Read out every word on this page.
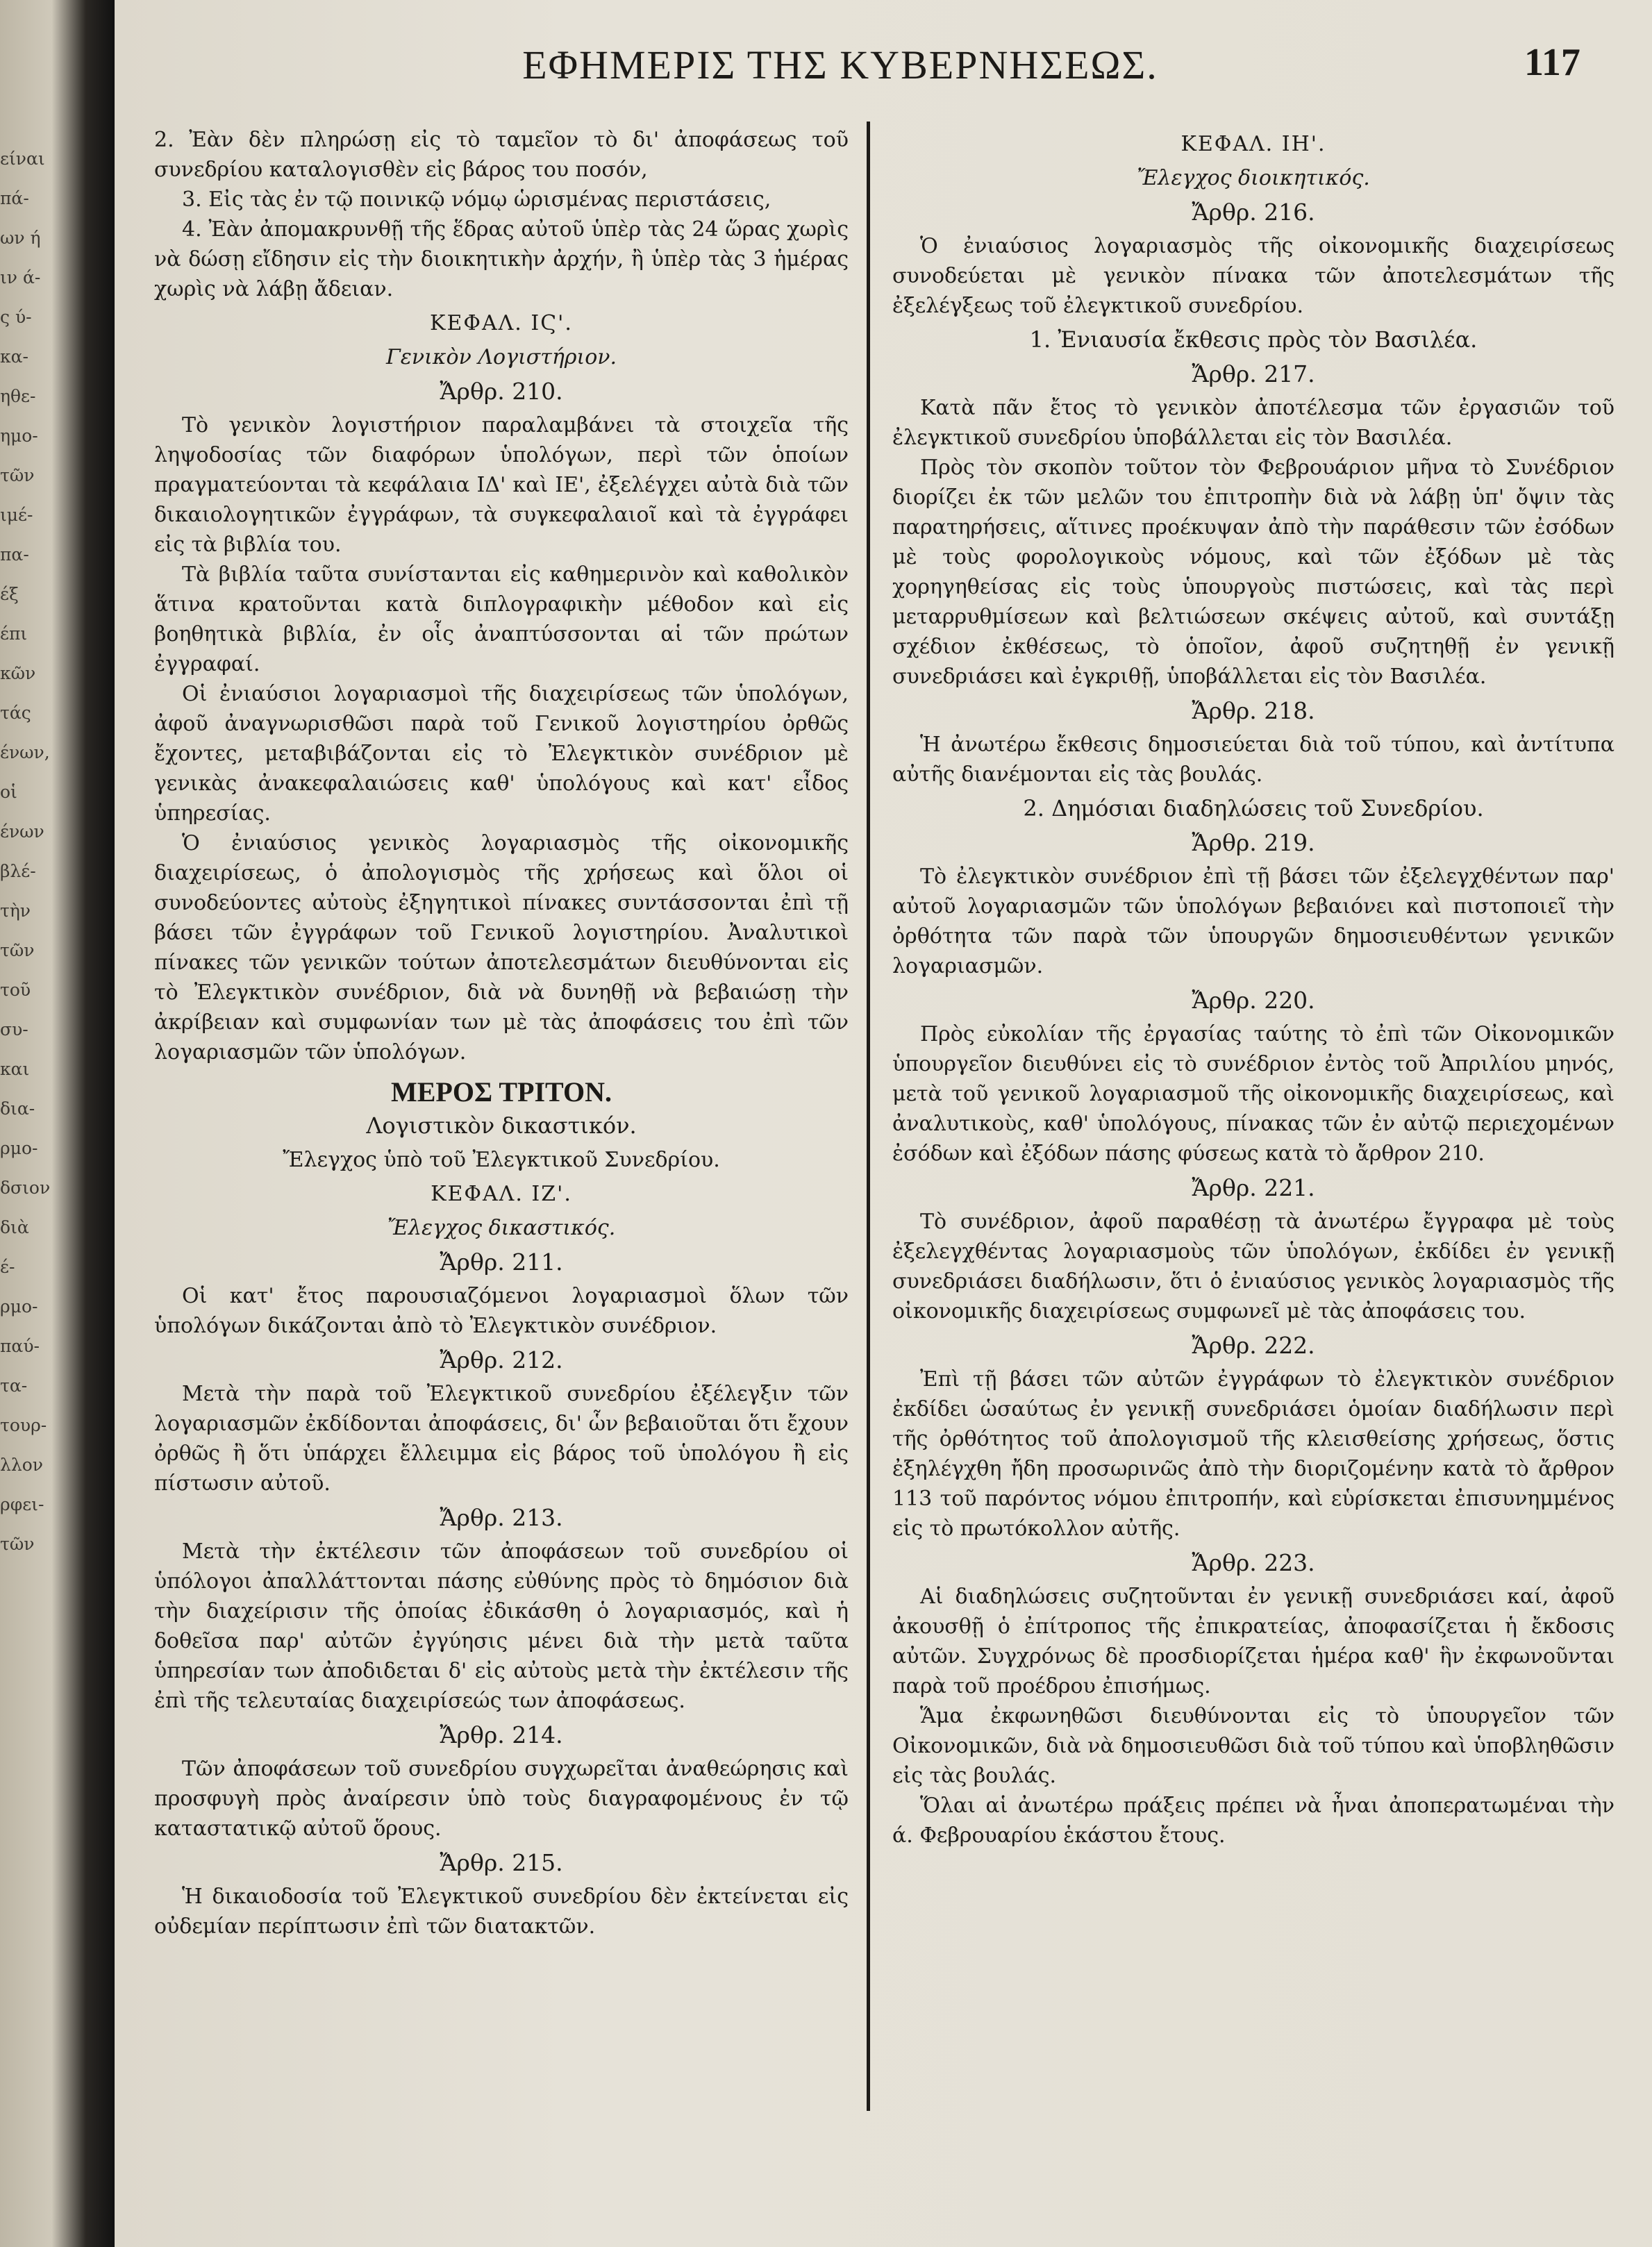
είναι
πά-
ων ή
ιν ά-
ς ύ-
κα-
ηθε-
ημο-
τῶν
ιμέ-
πα-
έξ
έπι
κῶν
τάς
ένων,
οἱ
ένων
βλέ-
τὴν
τῶν
τοῦ
συ-
και
δια-
ρμο-
δσιον
διὰ
έ-
ρμο-
παύ-
τα-
τουρ-
λλον
ρφει-
τῶν
ΕΦΗΜΕΡΙΣ ΤΗΣ ΚΥΒΕΡΝΗΣΕΩΣ.	117

2. Ἐὰν δὲν πληρώσῃ εἰς τὸ ταμεῖον τὸ δι' ἀποφάσεως τοῦ συνεδρίου καταλογισθὲν εἰς βάρος του ποσόν,

3. Εἰς τὰς ἐν τῷ ποινικῷ νόμῳ ὡρισμένας περιστάσεις,

4. Ἐὰν ἀπομακρυνθῇ τῆς ἕδρας αὐτοῦ ὑπὲρ τὰς 24 ὥρας χωρὶς νὰ δώσῃ εἴδησιν εἰς τὴν διοικητικὴν ἀρχήν, ἢ ὑπὲρ τὰς 3 ἡμέρας χωρὶς νὰ λάβῃ ἄδειαν.

ΚΕΦΑΛ. ΙϚ'.

Γενικὸν Λογιστήριον.

Ἄρθρ. 210.

Τὸ γενικὸν λογιστήριον παραλαμβάνει τὰ στοιχεῖα τῆς ληψοδοσίας τῶν διαφόρων ὑπολόγων, περὶ τῶν ὁποίων πραγματεύονται τὰ κεφάλαια ΙΔ' καὶ ΙΕ', ἐξελέγχει αὐτὰ διὰ τῶν δικαιολογητικῶν ἐγγράφων, τὰ συγκεφαλαιοῖ καὶ τὰ ἐγγράφει εἰς τὰ βιβλία του.

Τὰ βιβλία ταῦτα συνίστανται εἰς καθημερινὸν καὶ καθολικὸν ἅτινα κρατοῦνται κατὰ διπλογραφικὴν μέθοδον καὶ εἰς βοηθητικὰ βιβλία, ἐν οἷς ἀναπτύσσονται αἱ τῶν πρώτων ἐγγραφαί.

Οἱ ἐνιαύσιοι λογαριασμοὶ τῆς διαχειρίσεως τῶν ὑπολόγων, ἀφοῦ ἀναγνωρισθῶσι παρὰ τοῦ Γενικοῦ λογιστηρίου ὀρθῶς ἔχοντες, μεταβιβάζονται εἰς τὸ Ἐλεγκτικὸν συνέδριον μὲ γενικὰς ἀνακεφαλαιώσεις καθ' ὑπολόγους καὶ κατ' εἶδος ὑπηρεσίας.

Ὁ ἐνιαύσιος γενικὸς λογαριασμὸς τῆς οἰκονομικῆς διαχειρίσεως, ὁ ἀπολογισμὸς τῆς χρήσεως καὶ ὅλοι οἱ συνοδεύοντες αὐτοὺς ἐξηγητικοὶ πίνακες συντάσσονται ἐπὶ τῇ βάσει τῶν ἐγγράφων τοῦ Γενικοῦ λογιστηρίου. Ἀναλυτικοὶ πίνακες τῶν γενικῶν τούτων ἀποτελεσμάτων διευθύνονται εἰς τὸ Ἐλεγκτικὸν συνέδριον, διὰ νὰ δυνηθῇ νὰ βεβαιώσῃ τὴν ἀκρίβειαν καὶ συμφωνίαν των μὲ τὰς ἀποφάσεις του ἐπὶ τῶν λογαριασμῶν τῶν ὑπολόγων.

ΜΕΡΟΣ ΤΡΙΤΟΝ.

Λογιστικὸν δικαστικόν.

Ἔλεγχος ὑπὸ τοῦ Ἐλεγκτικοῦ Συνεδρίου.

ΚΕΦΑΛ. ΙΖ'.

Ἔλεγχος δικαστικός.

Ἄρθρ. 211.

Οἱ κατ' ἔτος παρουσιαζόμενοι λογαριασμοὶ ὅλων τῶν ὑπολόγων δικάζονται ἀπὸ τὸ Ἐλεγκτικὸν συνέδριον.

Ἄρθρ. 212.

Μετὰ τὴν παρὰ τοῦ Ἐλεγκτικοῦ συνεδρίου ἐξέλεγξιν τῶν λογαριασμῶν ἐκδίδονται ἀποφάσεις, δι' ὧν βεβαιοῦται ὅτι ἔχουν ὀρθῶς ἢ ὅτι ὑπάρχει ἔλλειμμα εἰς βάρος τοῦ ὑπολόγου ἢ εἰς πίστωσιν αὐτοῦ.

Ἄρθρ. 213.

Μετὰ τὴν ἐκτέλεσιν τῶν ἀποφάσεων τοῦ συνεδρίου οἱ ὑπόλογοι ἀπαλλάττονται πάσης εὐθύνης πρὸς τὸ δημόσιον διὰ τὴν διαχείρισιν τῆς ὁποίας ἐδικάσθη ὁ λογαριασμός, καὶ ἡ δοθεῖσα παρ' αὐτῶν ἐγγύησις μένει διὰ τὴν μετὰ ταῦτα ὑπηρεσίαν των ἀποδιδεται δ' εἰς αὐτοὺς μετὰ τὴν ἐκτέλεσιν τῆς ἐπὶ τῆς τελευταίας διαχειρίσεώς των ἀποφάσεως.

Ἄρθρ. 214.

Τῶν ἀποφάσεων τοῦ συνεδρίου συγχωρεῖται ἀναθεώρησις καὶ προσφυγὴ πρὸς ἀναίρεσιν ὑπὸ τοὺς διαγραφομένους ἐν τῷ καταστατικῷ αὐτοῦ ὅρους.

Ἄρθρ. 215.

Ἡ δικαιοδοσία τοῦ Ἐλεγκτικοῦ συνεδρίου δὲν ἐκτείνεται εἰς οὐδεμίαν περίπτωσιν ἐπὶ τῶν διατακτῶν.

ΚΕΦΑΛ. ΙΗ'.

Ἔλεγχος διοικητικός.

Ἄρθρ. 216.

Ὁ ἐνιαύσιος λογαριασμὸς τῆς οἰκονομικῆς διαχειρίσεως συνοδεύεται μὲ γενικὸν πίνακα τῶν ἀποτελεσμάτων τῆς ἐξελέγξεως τοῦ ἐλεγκτικοῦ συνεδρίου.

1. Ἐνιαυσία ἔκθεσις πρὸς τὸν Βασιλέα.

Ἄρθρ. 217.

Κατὰ πᾶν ἔτος τὸ γενικὸν ἀποτέλεσμα τῶν ἐργασιῶν τοῦ ἐλεγκτικοῦ συνεδρίου ὑποβάλλεται εἰς τὸν Βασιλέα.

Πρὸς τὸν σκοπὸν τοῦτον τὸν Φεβρουάριον μῆνα τὸ Συνέδριον διορίζει ἐκ τῶν μελῶν του ἐπιτροπὴν διὰ νὰ λάβῃ ὑπ' ὄψιν τὰς παρατηρήσεις, αἵτινες προέκυψαν ἀπὸ τὴν παράθεσιν τῶν ἐσόδων μὲ τοὺς φορολογικοὺς νόμους, καὶ τῶν ἐξόδων μὲ τὰς χορηγηθείσας εἰς τοὺς ὑπουργοὺς πιστώσεις, καὶ τὰς περὶ μεταρρυθμίσεων καὶ βελτιώσεων σκέψεις αὐτοῦ, καὶ συντάξῃ σχέδιον ἐκθέσεως, τὸ ὁποῖον, ἀφοῦ συζητηθῇ ἐν γενικῇ συνεδριάσει καὶ ἐγκριθῇ, ὑποβάλλεται εἰς τὸν Βασιλέα.

Ἄρθρ. 218.

Ἡ ἀνωτέρω ἔκθεσις δημοσιεύεται διὰ τοῦ τύπου, καὶ ἀντίτυπα αὐτῆς διανέμονται εἰς τὰς βουλάς.

2. Δημόσιαι διαδηλώσεις τοῦ Συνεδρίου.

Ἄρθρ. 219.

Τὸ ἐλεγκτικὸν συνέδριον ἐπὶ τῇ βάσει τῶν ἐξελεγχθέντων παρ' αὐτοῦ λογαριασμῶν τῶν ὑπολόγων βεβαιόνει καὶ πιστοποιεῖ τὴν ὀρθότητα τῶν παρὰ τῶν ὑπουργῶν δημοσιευθέντων γενικῶν λογαριασμῶν.

Ἄρθρ. 220.

Πρὸς εὐκολίαν τῆς ἐργασίας ταύτης τὸ ἐπὶ τῶν Οἰκονομικῶν ὑπουργεῖον διευθύνει εἰς τὸ συνέδριον ἐντὸς τοῦ Ἀπριλίου μηνός, μετὰ τοῦ γενικοῦ λογαριασμοῦ τῆς οἰκονομικῆς διαχειρίσεως, καὶ ἀναλυτικοὺς, καθ' ὑπολόγους, πίνακας τῶν ἐν αὐτῷ περιεχομένων ἐσόδων καὶ ἐξόδων πάσης φύσεως κατὰ τὸ ἄρθρον 210.

Ἄρθρ. 221.

Τὸ συνέδριον, ἀφοῦ παραθέσῃ τὰ ἀνωτέρω ἔγγραφα μὲ τοὺς ἐξελεγχθέντας λογαριασμοὺς τῶν ὑπολόγων, ἐκδίδει ἐν γενικῇ συνεδριάσει διαδήλωσιν, ὅτι ὁ ἐνιαύσιος γενικὸς λογαριασμὸς τῆς οἰκονομικῆς διαχειρίσεως συμφωνεῖ μὲ τὰς ἀποφάσεις του.

Ἄρθρ. 222.

Ἐπὶ τῇ βάσει τῶν αὐτῶν ἐγγράφων τὸ ἐλεγκτικὸν συνέδριον ἐκδίδει ὡσαύτως ἐν γενικῇ συνεδριάσει ὁμοίαν διαδήλωσιν περὶ τῆς ὀρθότητος τοῦ ἀπολογισμοῦ τῆς κλεισθείσης χρήσεως, ὅστις ἐξηλέγχθη ἤδη προσωρινῶς ἀπὸ τὴν διοριζομένην κατὰ τὸ ἄρθρον 113 τοῦ παρόντος νόμου ἐπιτροπήν, καὶ εὑρίσκεται ἐπισυνημμένος εἰς τὸ πρωτόκολλον αὐτῆς.

Ἄρθρ. 223.

Αἱ διαδηλώσεις συζητοῦνται ἐν γενικῇ συνεδριάσει καί, ἀφοῦ ἀκουσθῇ ὁ ἐπίτροπος τῆς ἐπικρατείας, ἀποφασίζεται ἡ ἔκδοσις αὐτῶν. Συγχρόνως δὲ προσδιορίζεται ἡμέρα καθ' ἣν ἐκφωνοῦνται παρὰ τοῦ προέδρου ἐπισήμως.

Ἅμα ἐκφωνηθῶσι διευθύνονται εἰς τὸ ὑπουργεῖον τῶν Οἰκονομικῶν, διὰ νὰ δημοσιευθῶσι διὰ τοῦ τύπου καὶ ὑποβληθῶσιν εἰς τὰς βουλάς.

Ὅλαι αἱ ἀνωτέρω πράξεις πρέπει νὰ ἦναι ἀποπερατωμέναι τὴν ά. Φεβρουαρίου ἑκάστου ἔτους.
